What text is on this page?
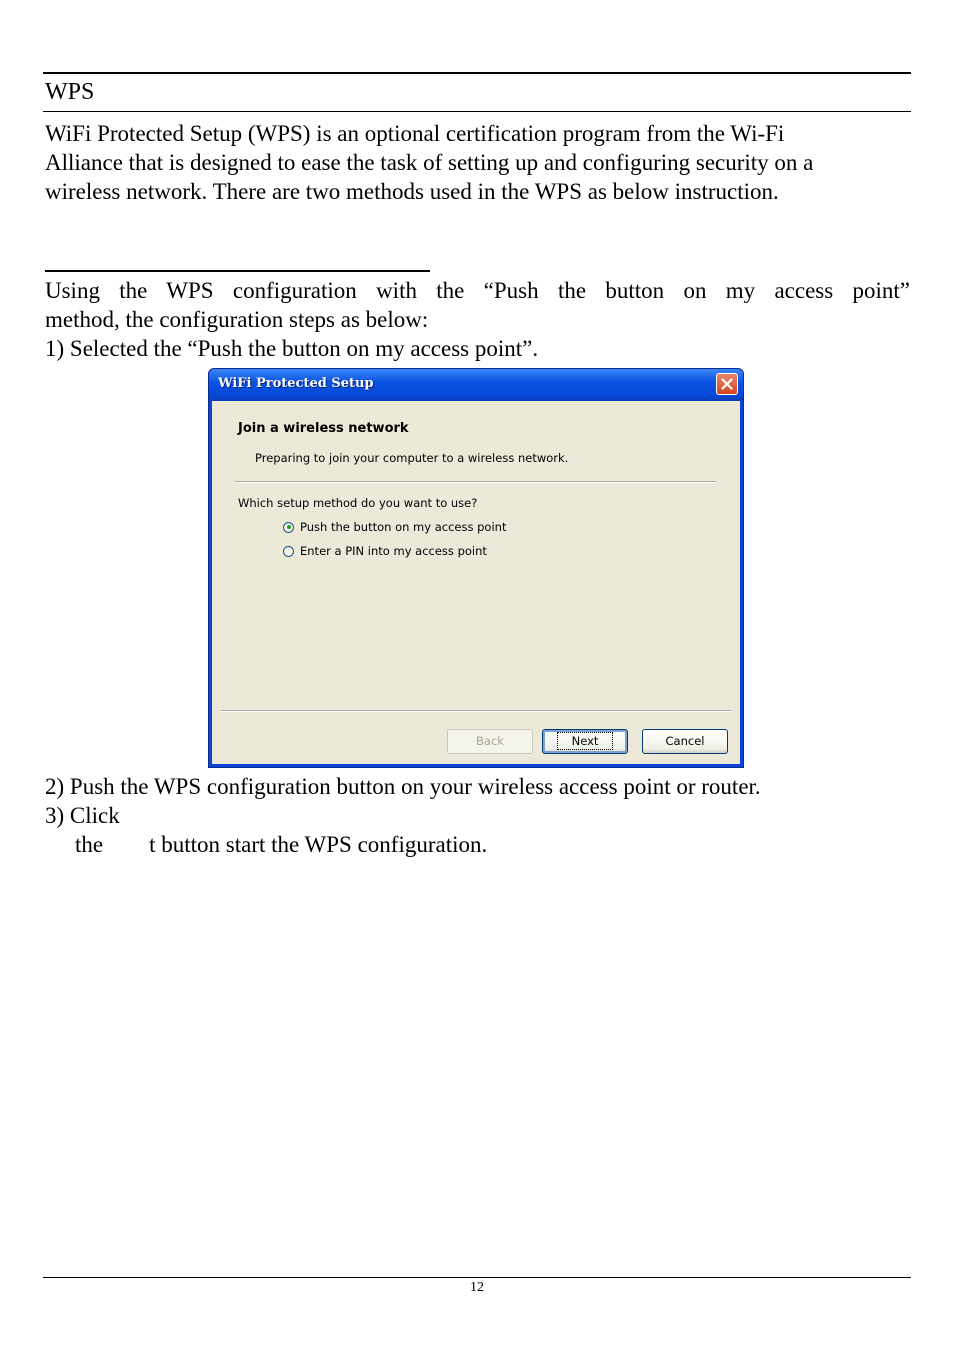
WPS

WiFi Protected Setup (WPS) is an optional certification program from the Wi-Fi

Alliance that is designed to ease the task of setting up and configuring security on a

wireless network. There are two methods used in the WPS as below instruction.

Using the WPS configuration with the “Push the button on my access point”

method, the configuration steps as below:

1) Selected the “Push the button on my access point”.

WiFi Protected Setup
Join a wireless network
Preparing to join your computer to a wireless network.
Which setup method do you want to use?
Push the button on my access point
Enter a PIN into my access point
Back	Next	Cancel

2) Push the WPS configuration button on your wireless access point or router.

3) Click

the        t button start the WPS configuration.

12
